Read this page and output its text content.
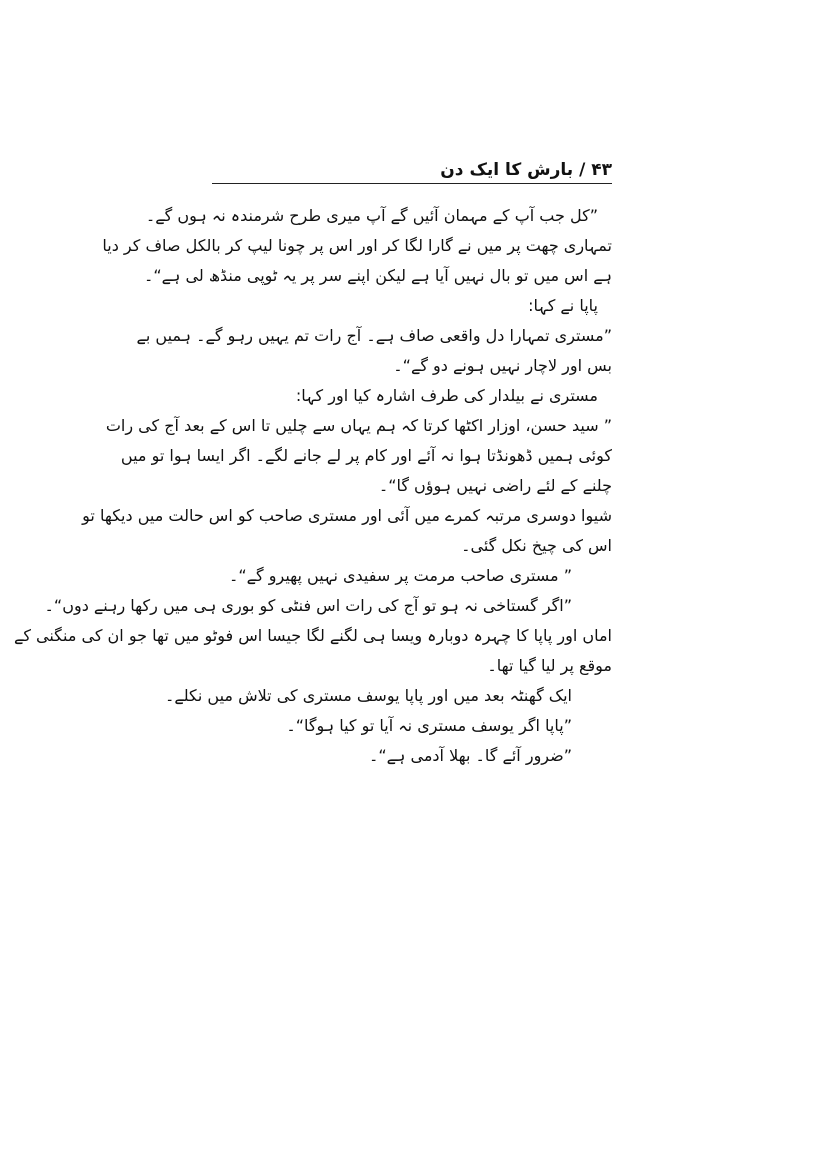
۴۳ / بارش کا ایک دن
”کل جب آپ کے مہمان آئیں گے آپ میری طرح شرمندہ نہ ہوں گے۔
تمہاری چھت پر میں نے گارا لگا کر اور اس پر چونا لیپ کر بالکل صاف کر دیا
ہے اس میں تو بال نہیں آیا ہے لیکن اپنے سر پر یہ ٹوپی منڈھ لی ہے“۔
پاپا نے کہا:
”مستری تمہارا دل واقعی صاف ہے۔ آج رات تم یہیں رہو گے۔ ہمیں بے
بس اور لاچار نہیں ہونے دو گے“۔
مستری نے بیلدار کی طرف اشارہ کیا اور کہا:
” سید حسن، اوزار اکٹھا کرتا کہ ہم یہاں سے چلیں تا اس کے بعد آج کی رات
کوئی ہمیں ڈھونڈتا ہوا نہ آئے اور کام پر لے جانے لگے۔ اگر ایسا ہوا تو میں
چلنے کے لئے راضی نہیں ہوؤں گا“۔
شیوا دوسری مرتبہ کمرے میں آئی اور مستری صاحب کو اس حالت میں دیکھا تو
اس کی چیخ نکل گئی۔
” مستری صاحب مرمت پر سفیدی نہیں پھیرو گے“۔
”اگر گستاخی نہ ہو تو آج کی رات اس فنٹی کو بوری ہی میں رکھا رہنے دوں“۔
اماں اور پاپا کا چہرہ دوبارہ ویسا ہی لگنے لگا جیسا اس فوٹو میں تھا جو ان کی منگنی کے
موقع پر لیا گیا تھا۔
ایک گھنٹہ بعد میں اور پاپا یوسف مستری کی تلاش میں نکلے۔
”پاپا اگر یوسف مستری نہ آیا تو کیا ہوگا“۔
”ضرور آئے گا۔ بھلا آدمی ہے“۔
